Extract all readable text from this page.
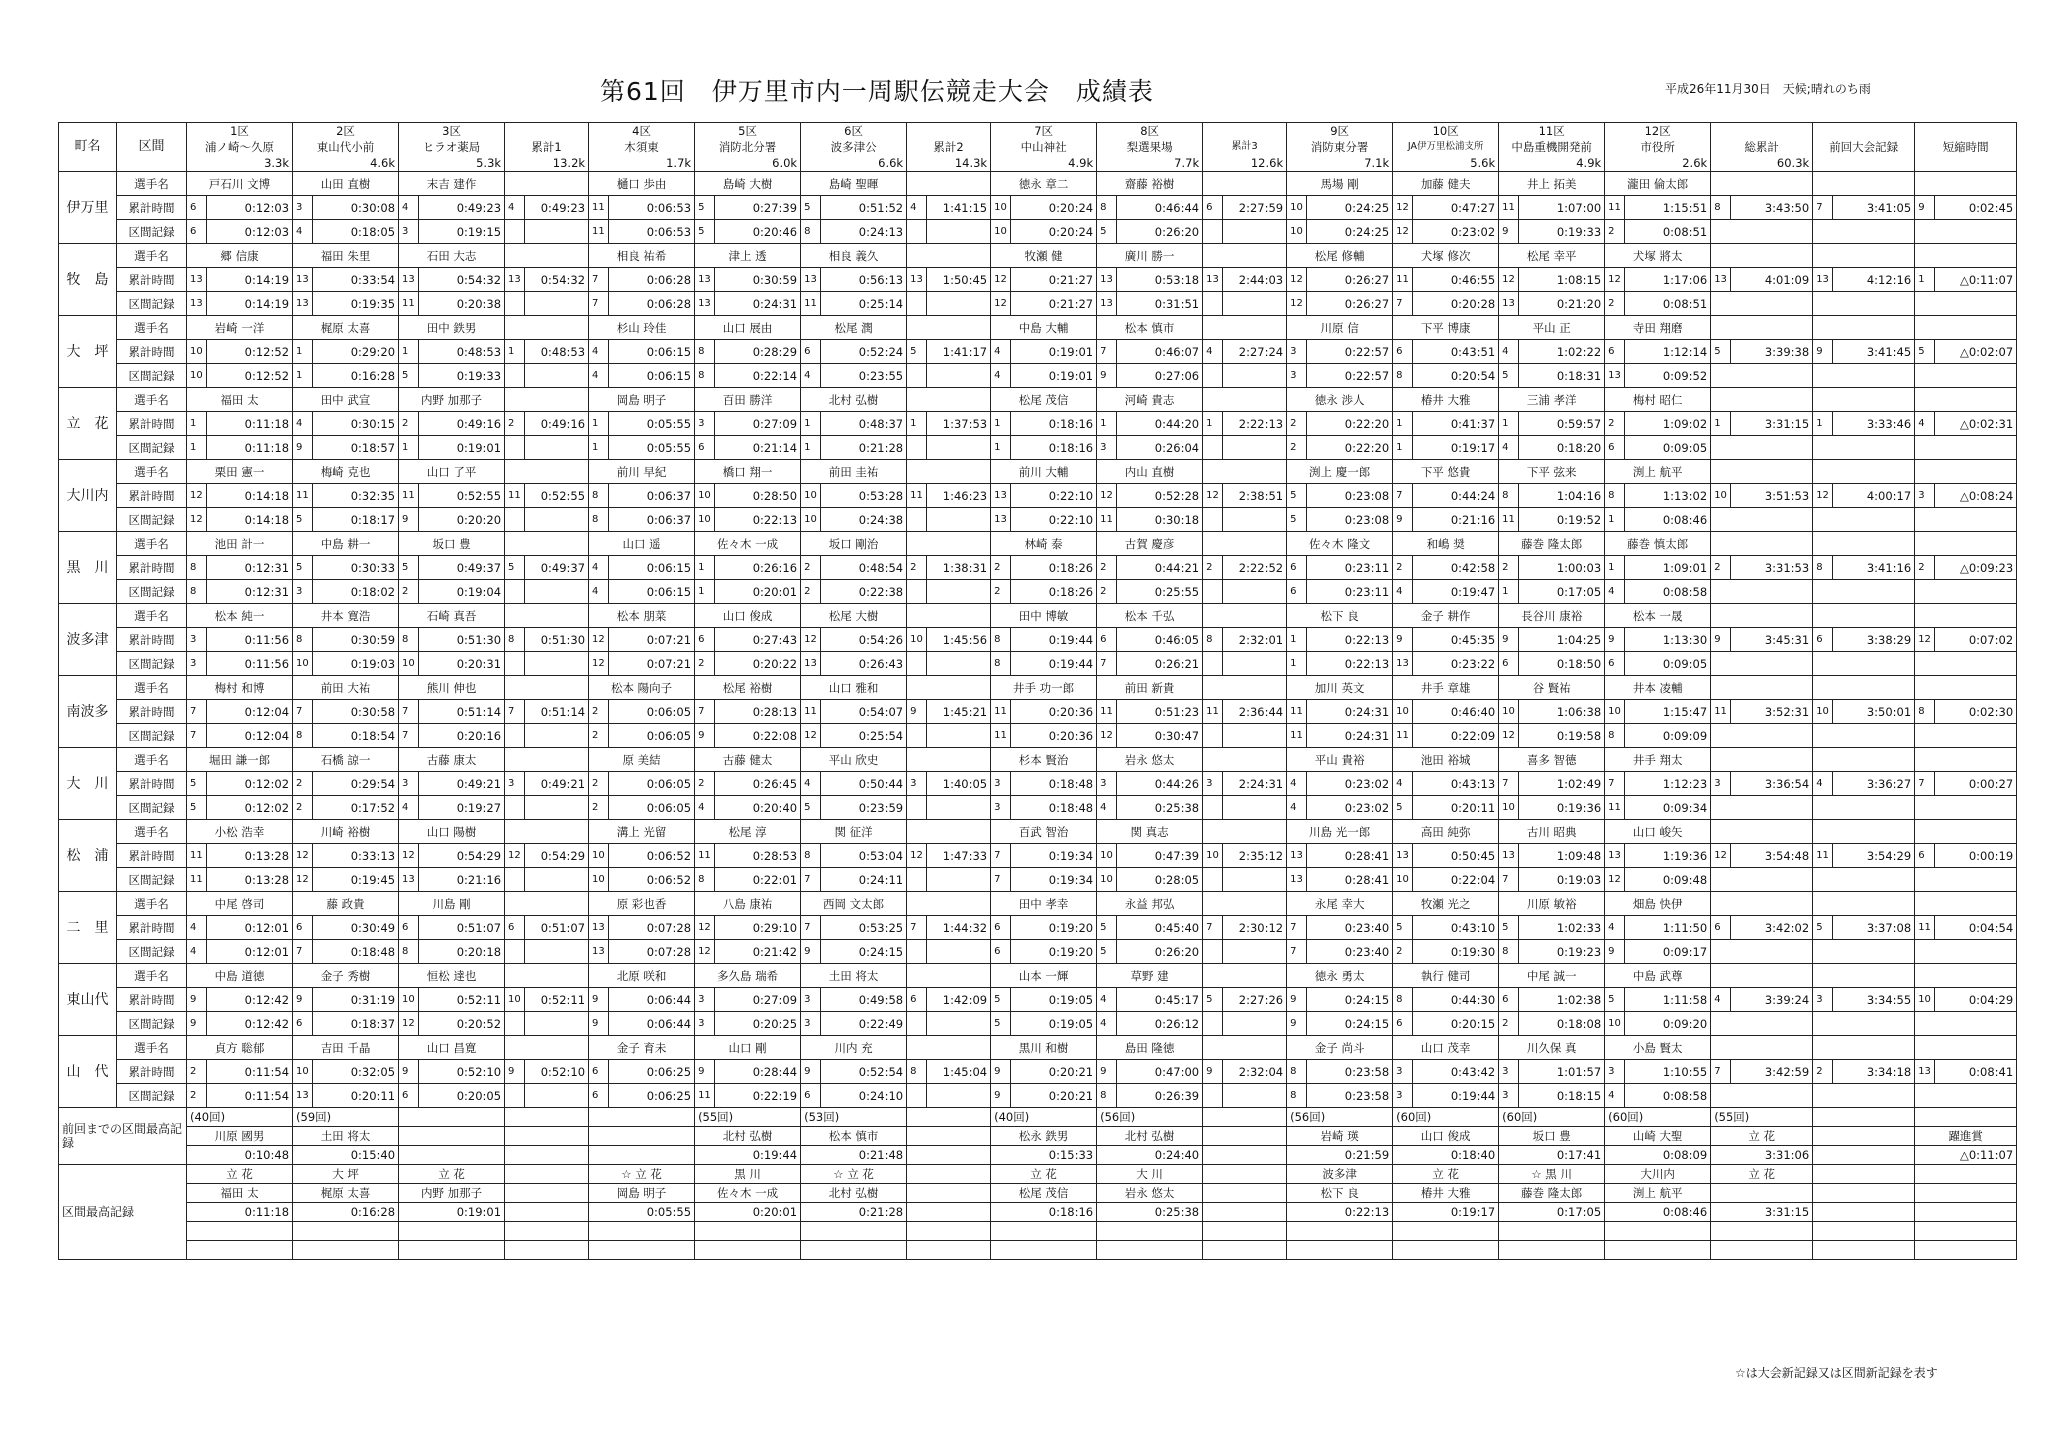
第61回　伊万里市内一周駅伝競走大会　成績表	平成26年11月30日　天候;晴れのち雨
町名	区間	1区		2区		3区				4区		5区		6区				7区		8区				9区		10区		11区		12区							
		浦ノ崎～久原		東山代小前		ヒラオ薬局		累計1		木須東		消防北分署		波多津公		累計2		中山神社		梨選果場		累計3		消防東分署		JA伊万里松浦支所		中島重機開発前		市役所		総累計		前回大会記録		短縮時間	
		3.3k		4.6k		5.3k		13.2k		1.7k		6.0k		6.6k		14.3k		4.9k		7.7k		12.6k		7.1k		5.6k		4.9k		2.6k		60.3k					
伊万里	選手名	戸石川 文博		山田 直樹		末吉 建作				樋口 歩由		島崎 大樹		島崎 聖暉				徳永 章二		齋藤 裕樹				馬場 剛		加藤 健夫		井上 拓美		瀧田 倫太郎							
	累計時間	6	0:12:03	3	0:30:08	4	0:49:23	4	0:49:23	11	0:06:53	5	0:27:39	5	0:51:52	4	1:41:15	10	0:20:24	8	0:46:44	6	2:27:59	10	0:24:25	12	0:47:27	11	1:07:00	11	1:15:51	8	3:43:50	7	3:41:05	9	0:02:45
	区間記録	6	0:12:03	4	0:18:05	3	0:19:15			11	0:06:53	5	0:20:46	8	0:24:13			10	0:20:24	5	0:26:20			10	0:24:25	12	0:23:02	9	0:19:33	2	0:08:51						
牧　島	選手名	郷 信康		福田 朱里		石田 大志				相良 祐希		津上 透		相良 義久				牧瀬 健		廣川 勝一				松尾 修輔		犬塚 修次		松尾 幸平		犬塚 將太							
	累計時間	13	0:14:19	13	0:33:54	13	0:54:32	13	0:54:32	7	0:06:28	13	0:30:59	13	0:56:13	13	1:50:45	12	0:21:27	13	0:53:18	13	2:44:03	12	0:26:27	11	0:46:55	12	1:08:15	12	1:17:06	13	4:01:09	13	4:12:16	1	△0:11:07
	区間記録	13	0:14:19	13	0:19:35	11	0:20:38			7	0:06:28	13	0:24:31	11	0:25:14			12	0:21:27	13	0:31:51			12	0:26:27	7	0:20:28	13	0:21:20	2	0:08:51						
大　坪	選手名	岩崎 一洋		梶原 太喜		田中 鉄男				杉山 玲佳		山口 展由		松尾 潤				中島 大輔		松本 慎市				川原 信		下平 博康		平山 正		寺田 翔磨							
	累計時間	10	0:12:52	1	0:29:20	1	0:48:53	1	0:48:53	4	0:06:15	8	0:28:29	6	0:52:24	5	1:41:17	4	0:19:01	7	0:46:07	4	2:27:24	3	0:22:57	6	0:43:51	4	1:02:22	6	1:12:14	5	3:39:38	9	3:41:45	5	△0:02:07
	区間記録	10	0:12:52	1	0:16:28	5	0:19:33			4	0:06:15	8	0:22:14	4	0:23:55			4	0:19:01	9	0:27:06			3	0:22:57	8	0:20:54	5	0:18:31	13	0:09:52						
立　花	選手名	福田 太		田中 武宣		内野 加那子				岡島 明子		百田 勝洋		北村 弘樹				松尾 茂信		河崎 貴志				徳永 渉人		椿井 大雅		三浦 孝洋		梅村 昭仁							
	累計時間	1	0:11:18	4	0:30:15	2	0:49:16	2	0:49:16	1	0:05:55	3	0:27:09	1	0:48:37	1	1:37:53	1	0:18:16	1	0:44:20	1	2:22:13	2	0:22:20	1	0:41:37	1	0:59:57	2	1:09:02	1	3:31:15	1	3:33:46	4	△0:02:31
	区間記録	1	0:11:18	9	0:18:57	1	0:19:01			1	0:05:55	6	0:21:14	1	0:21:28			1	0:18:16	3	0:26:04			2	0:22:20	1	0:19:17	4	0:18:20	6	0:09:05						
大川内	選手名	栗田 憲一		梅崎 克也		山口 了平				前川 早紀		橋口 翔一		前田 圭祐				前川 大輔		内山 直樹				渕上 慶一郎		下平 悠貴		下平 弦来		渕上 航平							
	累計時間	12	0:14:18	11	0:32:35	11	0:52:55	11	0:52:55	8	0:06:37	10	0:28:50	10	0:53:28	11	1:46:23	13	0:22:10	12	0:52:28	12	2:38:51	5	0:23:08	7	0:44:24	8	1:04:16	8	1:13:02	10	3:51:53	12	4:00:17	3	△0:08:24
	区間記録	12	0:14:18	5	0:18:17	9	0:20:20			8	0:06:37	10	0:22:13	10	0:24:38			13	0:22:10	11	0:30:18			5	0:23:08	9	0:21:16	11	0:19:52	1	0:08:46						
黒　川	選手名	池田 計一		中島 耕一		坂口 豊				山口 遥		佐々木 一成		坂口 剛治				林崎 泰		古賀 慶彦				佐々木 隆文		和嶋 奨		藤巻 隆太郎		藤巻 慎太郎							
	累計時間	8	0:12:31	5	0:30:33	5	0:49:37	5	0:49:37	4	0:06:15	1	0:26:16	2	0:48:54	2	1:38:31	2	0:18:26	2	0:44:21	2	2:22:52	6	0:23:11	2	0:42:58	2	1:00:03	1	1:09:01	2	3:31:53	8	3:41:16	2	△0:09:23
	区間記録	8	0:12:31	3	0:18:02	2	0:19:04			4	0:06:15	1	0:20:01	2	0:22:38			2	0:18:26	2	0:25:55			6	0:23:11	4	0:19:47	1	0:17:05	4	0:08:58						
波多津	選手名	松本 純一		井本 寛浩		石崎 真吾				松本 朋菜		山口 俊成		松尾 大樹				田中 博敏		松本 千弘				松下 良		金子 耕作		長谷川 康裕		松本 一晟							
	累計時間	3	0:11:56	8	0:30:59	8	0:51:30	8	0:51:30	12	0:07:21	6	0:27:43	12	0:54:26	10	1:45:56	8	0:19:44	6	0:46:05	8	2:32:01	1	0:22:13	9	0:45:35	9	1:04:25	9	1:13:30	9	3:45:31	6	3:38:29	12	0:07:02
	区間記録	3	0:11:56	10	0:19:03	10	0:20:31			12	0:07:21	2	0:20:22	13	0:26:43			8	0:19:44	7	0:26:21			1	0:22:13	13	0:23:22	6	0:18:50	6	0:09:05						
南波多	選手名	梅村 和博		前田 大祐		熊川 伸也				松本 陽向子		松尾 裕樹		山口 雅和				井手 功一郎		前田 新貴				加川 英文		井手 章雄		谷 賢祐		井本 凌輔							
	累計時間	7	0:12:04	7	0:30:58	7	0:51:14	7	0:51:14	2	0:06:05	7	0:28:13	11	0:54:07	9	1:45:21	11	0:20:36	11	0:51:23	11	2:36:44	11	0:24:31	10	0:46:40	10	1:06:38	10	1:15:47	11	3:52:31	10	3:50:01	8	0:02:30
	区間記録	7	0:12:04	8	0:18:54	7	0:20:16			2	0:06:05	9	0:22:08	12	0:25:54			11	0:20:36	12	0:30:47			11	0:24:31	11	0:22:09	12	0:19:58	8	0:09:09						
大　川	選手名	堀田 謙一郎		石橋 諒一		古藤 康太				原 美結		古藤 健太		平山 欣史				杉本 賢治		岩永 悠太				平山 貴裕		池田 裕城		喜多 智德		井手 翔太							
	累計時間	5	0:12:02	2	0:29:54	3	0:49:21	3	0:49:21	2	0:06:05	2	0:26:45	4	0:50:44	3	1:40:05	3	0:18:48	3	0:44:26	3	2:24:31	4	0:23:02	4	0:43:13	7	1:02:49	7	1:12:23	3	3:36:54	4	3:36:27	7	0:00:27
	区間記録	5	0:12:02	2	0:17:52	4	0:19:27			2	0:06:05	4	0:20:40	5	0:23:59			3	0:18:48	4	0:25:38			4	0:23:02	5	0:20:11	10	0:19:36	11	0:09:34						
松　浦	選手名	小松 浩幸		川崎 裕樹		山口 陽樹				溝上 光留		松尾 淳		関 征洋				百武 智治		関 真志				川島 光一郎		高田 純弥		古川 昭典		山口 峻矢							
	累計時間	11	0:13:28	12	0:33:13	12	0:54:29	12	0:54:29	10	0:06:52	11	0:28:53	8	0:53:04	12	1:47:33	7	0:19:34	10	0:47:39	10	2:35:12	13	0:28:41	13	0:50:45	13	1:09:48	13	1:19:36	12	3:54:48	11	3:54:29	6	0:00:19
	区間記録	11	0:13:28	12	0:19:45	13	0:21:16			10	0:06:52	8	0:22:01	7	0:24:11			7	0:19:34	10	0:28:05			13	0:28:41	10	0:22:04	7	0:19:03	12	0:09:48						
二　里	選手名	中尾 啓司		藤 政貴		川島 剛				原 彩也香		八島 康祐		西岡 文太郎				田中 孝幸		永益 邦弘				永尾 幸大		牧瀬 光之		川原 敏裕		畑島 快伊							
	累計時間	4	0:12:01	6	0:30:49	6	0:51:07	6	0:51:07	13	0:07:28	12	0:29:10	7	0:53:25	7	1:44:32	6	0:19:20	5	0:45:40	7	2:30:12	7	0:23:40	5	0:43:10	5	1:02:33	4	1:11:50	6	3:42:02	5	3:37:08	11	0:04:54
	区間記録	4	0:12:01	7	0:18:48	8	0:20:18			13	0:07:28	12	0:21:42	9	0:24:15			6	0:19:20	5	0:26:20			7	0:23:40	2	0:19:30	8	0:19:23	9	0:09:17						
東山代	選手名	中島 道徳		金子 秀樹		恒松 達也				北原 咲和		多久島 瑞希		土田 将太				山本 一輝		草野 建				徳永 勇太		執行 健司		中尾 誠一		中島 武尊							
	累計時間	9	0:12:42	9	0:31:19	10	0:52:11	10	0:52:11	9	0:06:44	3	0:27:09	3	0:49:58	6	1:42:09	5	0:19:05	4	0:45:17	5	2:27:26	9	0:24:15	8	0:44:30	6	1:02:38	5	1:11:58	4	3:39:24	3	3:34:55	10	0:04:29
	区間記録	9	0:12:42	6	0:18:37	12	0:20:52			9	0:06:44	3	0:20:25	3	0:22:49			5	0:19:05	4	0:26:12			9	0:24:15	6	0:20:15	2	0:18:08	10	0:09:20						
山　代	選手名	貞方 聡郁		吉田 千晶		山口 昌寛				金子 育未		山口 剛		川内 充				黒川 和樹		島田 隆徳				金子 尚斗		山口 茂幸		川久保 真		小島 賢太							
	累計時間	2	0:11:54	10	0:32:05	9	0:52:10	9	0:52:10	6	0:06:25	9	0:28:44	9	0:52:54	8	1:45:04	9	0:20:21	9	0:47:00	9	2:32:04	8	0:23:58	3	0:43:42	3	1:01:57	3	1:10:55	7	3:42:59	2	3:34:18	13	0:08:41
	区間記録	2	0:11:54	13	0:20:11	6	0:20:05			6	0:06:25	11	0:22:19	6	0:24:10			9	0:20:21	8	0:26:39			8	0:23:58	3	0:19:44	3	0:18:15	4	0:08:58						
前回までの区間最高記録		(40回)		(59回)								(55回)		(53回)				(40回)		(56回)				(56回)		(60回)		(60回)		(60回)		(55回)					
		川原 國男		土田 将太								北村 弘樹		松本 慎市				松永 鉄男		北村 弘樹				岩崎 瑛		山口 俊成		坂口 豊		山崎 大聖		立 花				躍進賞	
		0:10:48		0:15:40								0:19:44		0:21:48				0:15:33		0:24:40				0:21:59		0:18:40		0:17:41		0:08:09		3:31:06				△0:11:07	
区間最高記録		立 花		大 坪		立 花				☆ 立 花		黒 川		☆ 立 花				立 花		大 川				波多津		立 花		☆ 黒 川		大川内		立 花					
		福田 太		梶原 太喜		内野 加那子				岡島 明子		佐々木 一成		北村 弘樹				松尾 茂信		岩永 悠太				松下 良		椿井 大雅		藤巻 隆太郎		渕上 航平							
		0:11:18		0:16:28		0:19:01				0:05:55		0:20:01		0:21:28				0:18:16		0:25:38				0:22:13		0:19:17		0:17:05		0:08:46		3:31:15					

☆は大会新記録又は区間新記録を表す
